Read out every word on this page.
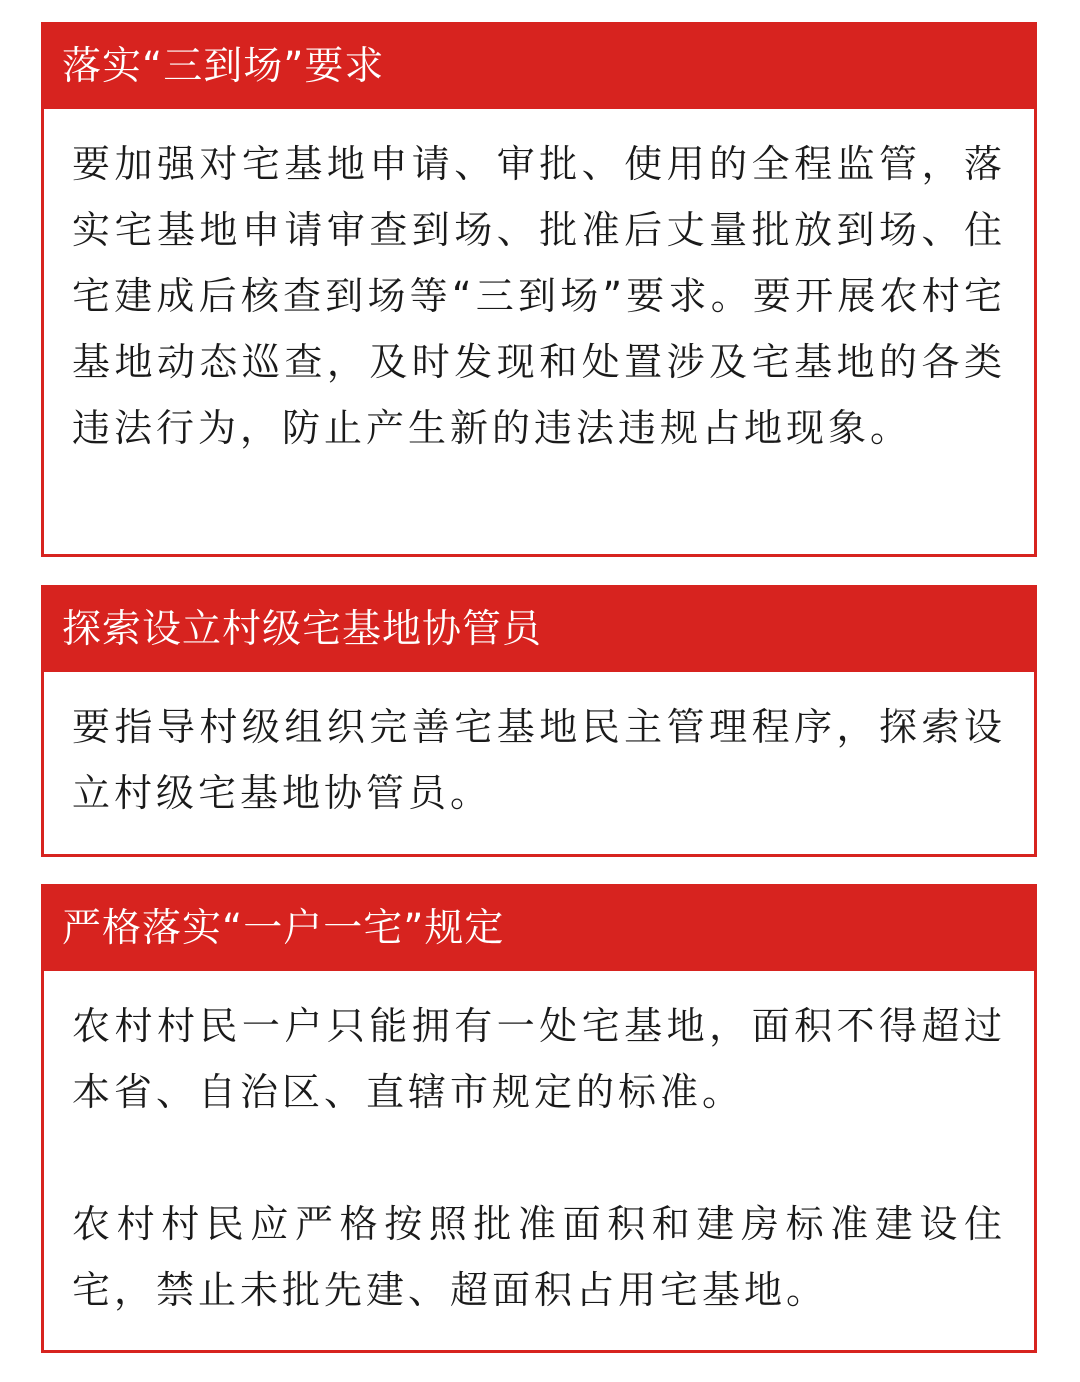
落实“三到场”要求

要加强对宅基地申请、审批、使用的全程监管，落实宅基地申请审查到场、批准后丈量批放到场、住宅建成后核查到场等“三到场”要求。要开展农村宅基地动态巡查，及时发现和处置涉及宅基地的各类违法行为，防止产生新的违法违规占地现象。

探索设立村级宅基地协管员

要指导村级组织完善宅基地民主管理程序，探索设立村级宅基地协管员。

严格落实“一户一宅”规定

农村村民一户只能拥有一处宅基地，面积不得超过本省、自治区、直辖市规定的标准。

农村村民应严格按照批准面积和建房标准建设住宅，禁止未批先建、超面积占用宅基地。
